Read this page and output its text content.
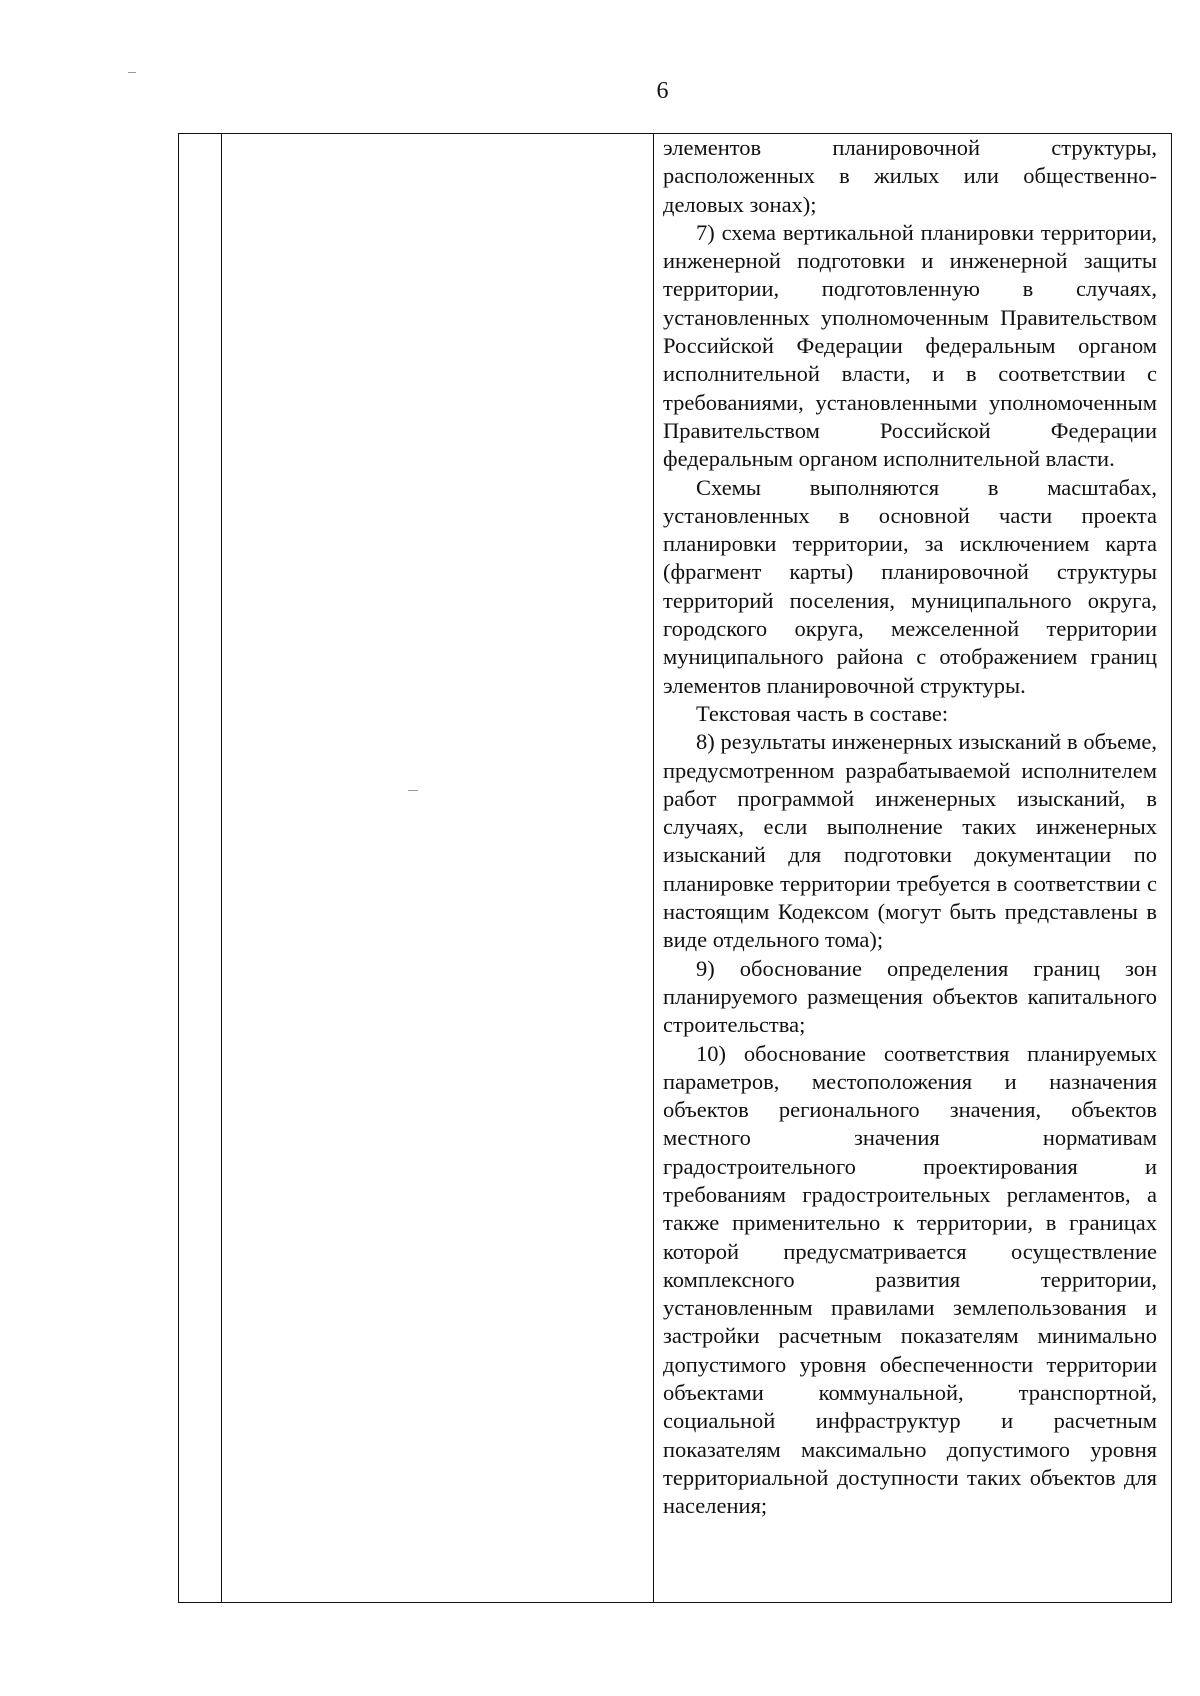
6

элементов планировочной структуры, расположенных в жилых или общественно-деловых зонах);

7) схема вертикальной планировки территории, инженерной подготовки и инженерной защиты территории, подготовленную в случаях, установленных уполномоченным Правительством Российской Федерации федеральным органом исполнительной власти, и в соответствии с требованиями, установленными уполномоченным Правительством Российской Федерации федеральным органом исполнительной власти.

Схемы выполняются в масштабах, установленных в основной части проекта планировки территории, за исключением карта (фрагмент карты) планировочной структуры территорий поселения, муниципального округа, городского округа, межселенной территории муниципального района с отображением границ элементов планировочной структуры.

Текстовая часть в составе:

8) результаты инженерных изысканий в объеме, предусмотренном разрабатываемой исполнителем работ программой инженерных изысканий, в случаях, если выполнение таких инженерных изысканий для подготовки документации по планировке территории требуется в соответствии с настоящим Кодексом (могут быть представлены в виде отдельного тома);

9) обоснование определения границ зон планируемого размещения объектов капитального строительства;

10) обоснование соответствия планируемых параметров, местоположения и назначения объектов регионального значения, объектов местного значения нормативам градостроительного проектирования и требованиям градостроительных регламентов, а также применительно к территории, в границах которой предусматривается осуществление комплексного развития территории, установленным правилами землепользования и застройки расчетным показателям минимально допустимого уровня обеспеченности территории объектами коммунальной, транспортной, социальной инфраструктур и расчетным показателям максимально допустимого уровня территориальной доступности таких объектов для населения;
